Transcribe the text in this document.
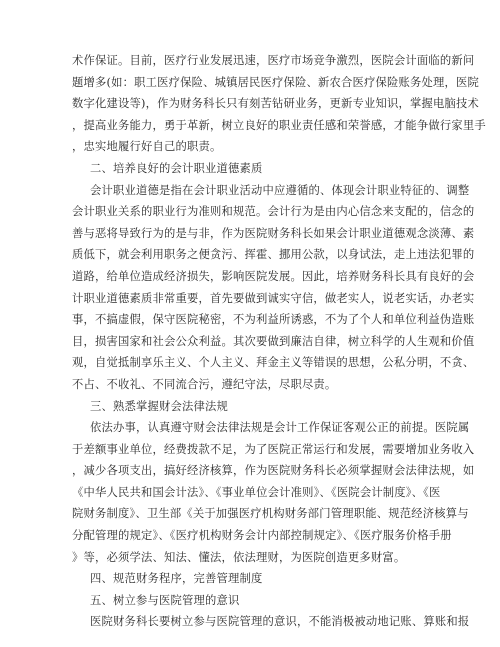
术作保证。目前，医疗行业发展迅速，医疗市场竞争激烈，医院会计面临的新问
题增多(如：职工医疗保险、城镇居民医疗保险、新农合医疗保险账务处理，医院
数字化建设等)，作为财务科长只有刻苦钻研业务，更新专业知识，掌握电脑技术
，提高业务能力，勇于革新，树立良好的职业责任感和荣誉感，才能争做行家里手
，忠实地履行好自己的职责。
二、培养良好的会计职业道德素质
会计职业道德是指在会计职业活动中应遵循的、体现会计职业特征的、调整
会计职业关系的职业行为准则和规范。会计行为是由内心信念来支配的，信念的
善与恶将导致行为的是与非，作为医院财务科长如果会计职业道德观念淡薄、素
质低下，就会利用职务之便贪污、挥霍、挪用公款，以身试法，走上违法犯罪的
道路，给单位造成经济损失，影响医院发展。因此，培养财务科长具有良好的会
计职业道德素质非常重要，首先要做到诚实守信，做老实人，说老实话，办老实
事，不搞虚假，保守医院秘密，不为利益所诱惑，不为了个人和单位利益伪造账
目，损害国家和社会公众利益。其次要做到廉洁自律，树立科学的人生观和价值
观，自觉抵制享乐主义、个人主义、拜金主义等错误的思想，公私分明，不贪、
不占、不收礼、不同流合污，遵纪守法，尽职尽责。
三、熟悉掌握财会法律法规
依法办事，认真遵守财会法律法规是会计工作保证客观公正的前提。医院属
于差额事业单位，经费拨款不足，为了医院正常运行和发展，需要增加业务收入
，减少各项支出，搞好经济核算，作为医院财务科长必须掌握财会法律法规，如
《中华人民共和国会计法》、《事业单位会计准则》、《医院会计制度》、《医
院财务制度》、卫生部《关于加强医疗机构财务部门管理职能、规范经济核算与
分配管理的规定》、《医疗机构财务会计内部控制规定》、《医疗服务价格手册
》等，必须学法、知法、懂法，依法理财，为医院创造更多财富。
四、规范财务程序，完善管理制度
五、树立参与医院管理的意识
医院财务科长要树立参与医院管理的意识，不能消极被动地记账、算账和报
